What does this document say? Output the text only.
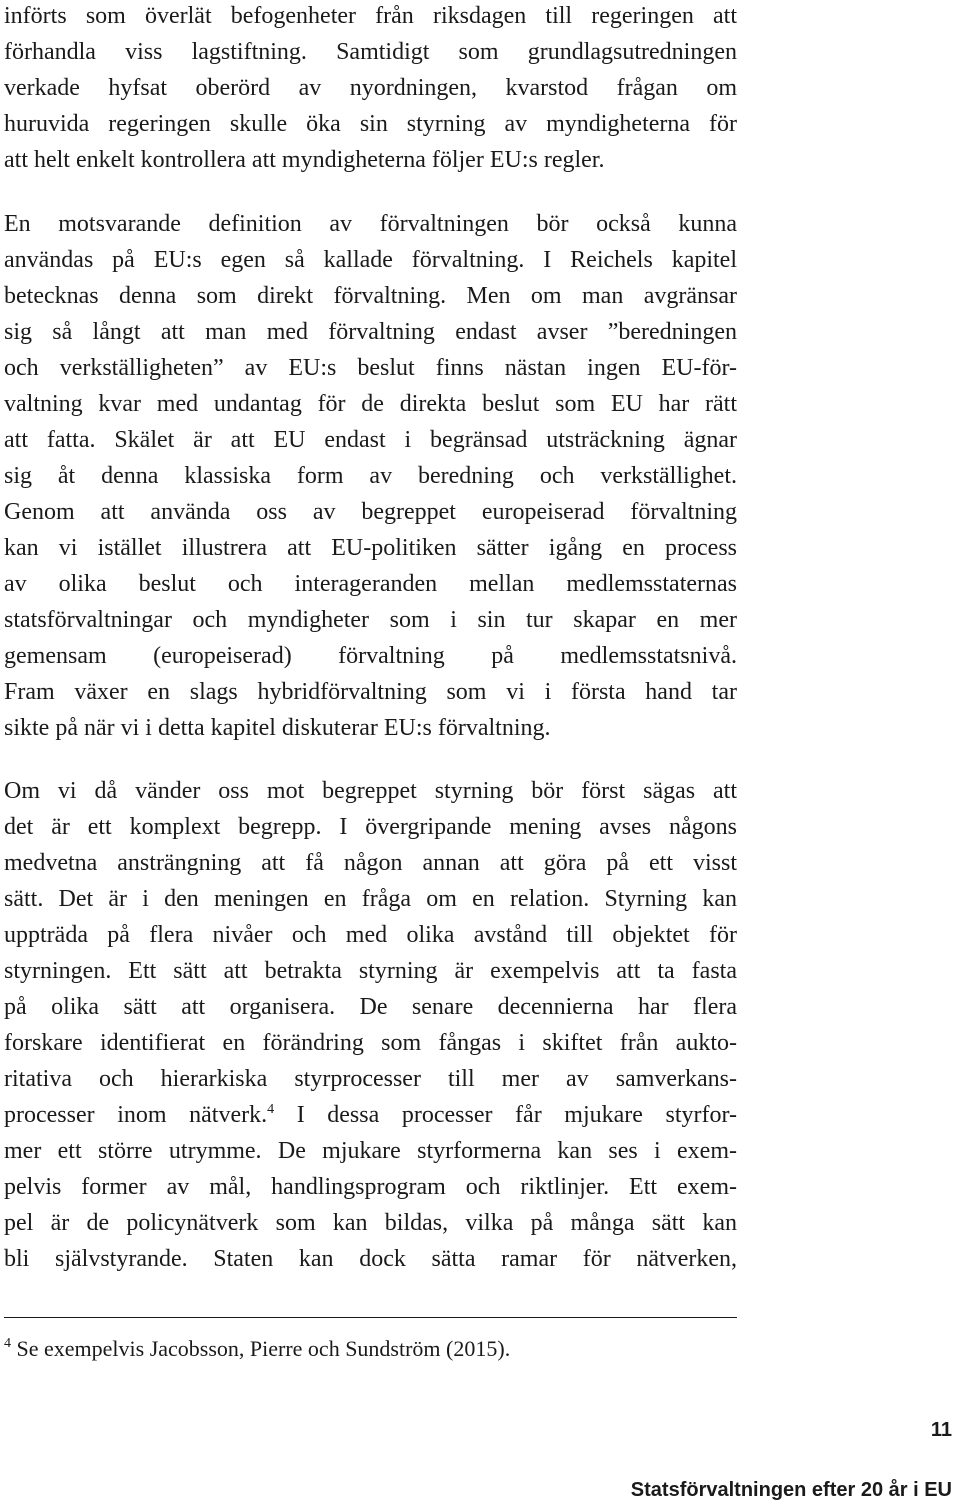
införts som överlät befogenheter från riksdagen till regeringen att
förhandla viss lagstiftning. Samtidigt som grundlagsutredningen
verkade hyfsat oberörd av nyordningen, kvarstod frågan om
huruvida regeringen skulle öka sin styrning av myndigheterna för
att helt enkelt kontrollera att myndigheterna följer EU:s regler.
En motsvarande definition av förvaltningen bör också kunna
användas på EU:s egen så kallade förvaltning. I Reichels kapitel
betecknas denna som direkt förvaltning. Men om man avgränsar
sig så långt att man med förvaltning endast avser ”beredningen
och verkställigheten” av EU:s beslut finns nästan ingen EU-för-
valtning kvar med undantag för de direkta beslut som EU har rätt
att fatta. Skälet är att EU endast i begränsad utsträckning ägnar
sig åt denna klassiska form av beredning och verkställighet.
Genom att använda oss av begreppet europeiserad förvaltning
kan vi istället illustrera att EU-politiken sätter igång en process
av olika beslut och interageranden mellan medlemsstaternas
statsförvaltningar och myndigheter som i sin tur skapar en mer
gemensam (europeiserad) förvaltning på medlemsstatsnivå.
Fram växer en slags hybridförvaltning som vi i första hand tar
sikte på när vi i detta kapitel diskuterar EU:s förvaltning.
Om vi då vänder oss mot begreppet styrning bör först sägas att
det är ett komplext begrepp. I övergripande mening avses någons
medvetna ansträngning att få någon annan att göra på ett visst
sätt. Det är i den meningen en fråga om en relation. Styrning kan
uppträda på flera nivåer och med olika avstånd till objektet för
styrningen. Ett sätt att betrakta styrning är exempelvis att ta fasta
på olika sätt att organisera. De senare decennierna har flera
forskare identifierat en förändring som fångas i skiftet från aukto-
ritativa och hierarkiska styrprocesser till mer av samverkans-
processer inom nätverk.$^4$ I dessa processer får mjukare styrfor-
mer ett större utrymme. De mjukare styrformerna kan ses i exem-
pelvis former av mål, handlingsprogram och riktlinjer. Ett exem-
pel är de policynätverk som kan bildas, vilka på många sätt kan
bli självstyrande. Staten kan dock sätta ramar för nätverken,
$^4$ Se exempelvis Jacobsson, Pierre och Sundström (2015).
11
Statsförvaltningen efter 20 år i EU
